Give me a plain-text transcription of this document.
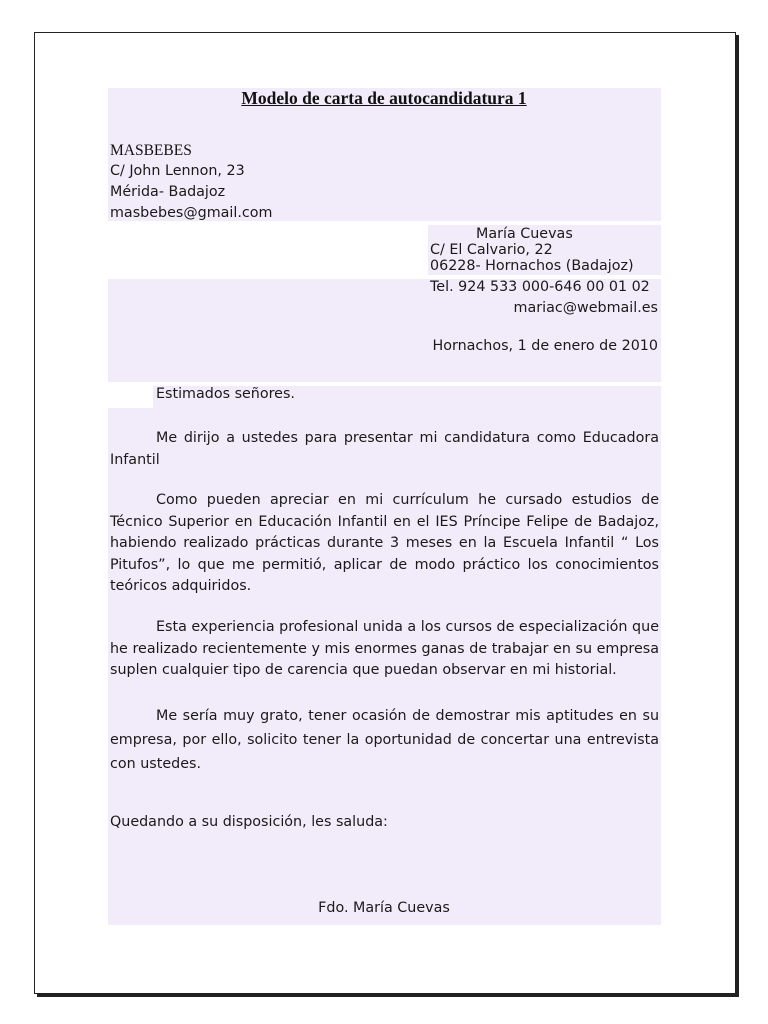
Modelo de carta de autocandidatura 1
MASBEBES
C/ John Lennon, 23
Mérida- Badajoz
masbebes@gmail.com
María Cuevas
C/ El Calvario, 22
06228- Hornachos (Badajoz)
Tel. 924 533 000-646 00 01 02
mariac@webmail.es
Hornachos, 1 de enero de 2010
Estimados señores.
Me dirijo a ustedes para presentar mi candidatura como Educadora Infantil
Como pueden apreciar en mi currículum he cursado estudios de Técnico Superior en Educación Infantil en el IES Príncipe Felipe de Badajoz, habiendo realizado prácticas durante 3 meses en la Escuela Infantil “ Los Pitufos”, lo que me permitió, aplicar de modo práctico los conocimientos teóricos adquiridos.
Esta experiencia profesional unida a los cursos de especialización que he realizado recientemente y mis enormes ganas de trabajar en su empresa suplen cualquier tipo de carencia que puedan observar en mi historial.
Me sería muy grato, tener ocasión de demostrar mis aptitudes en su empresa, por ello, solicito tener la oportunidad de concertar una entrevista con ustedes.
Quedando a su disposición, les saluda:
Fdo. María Cuevas
